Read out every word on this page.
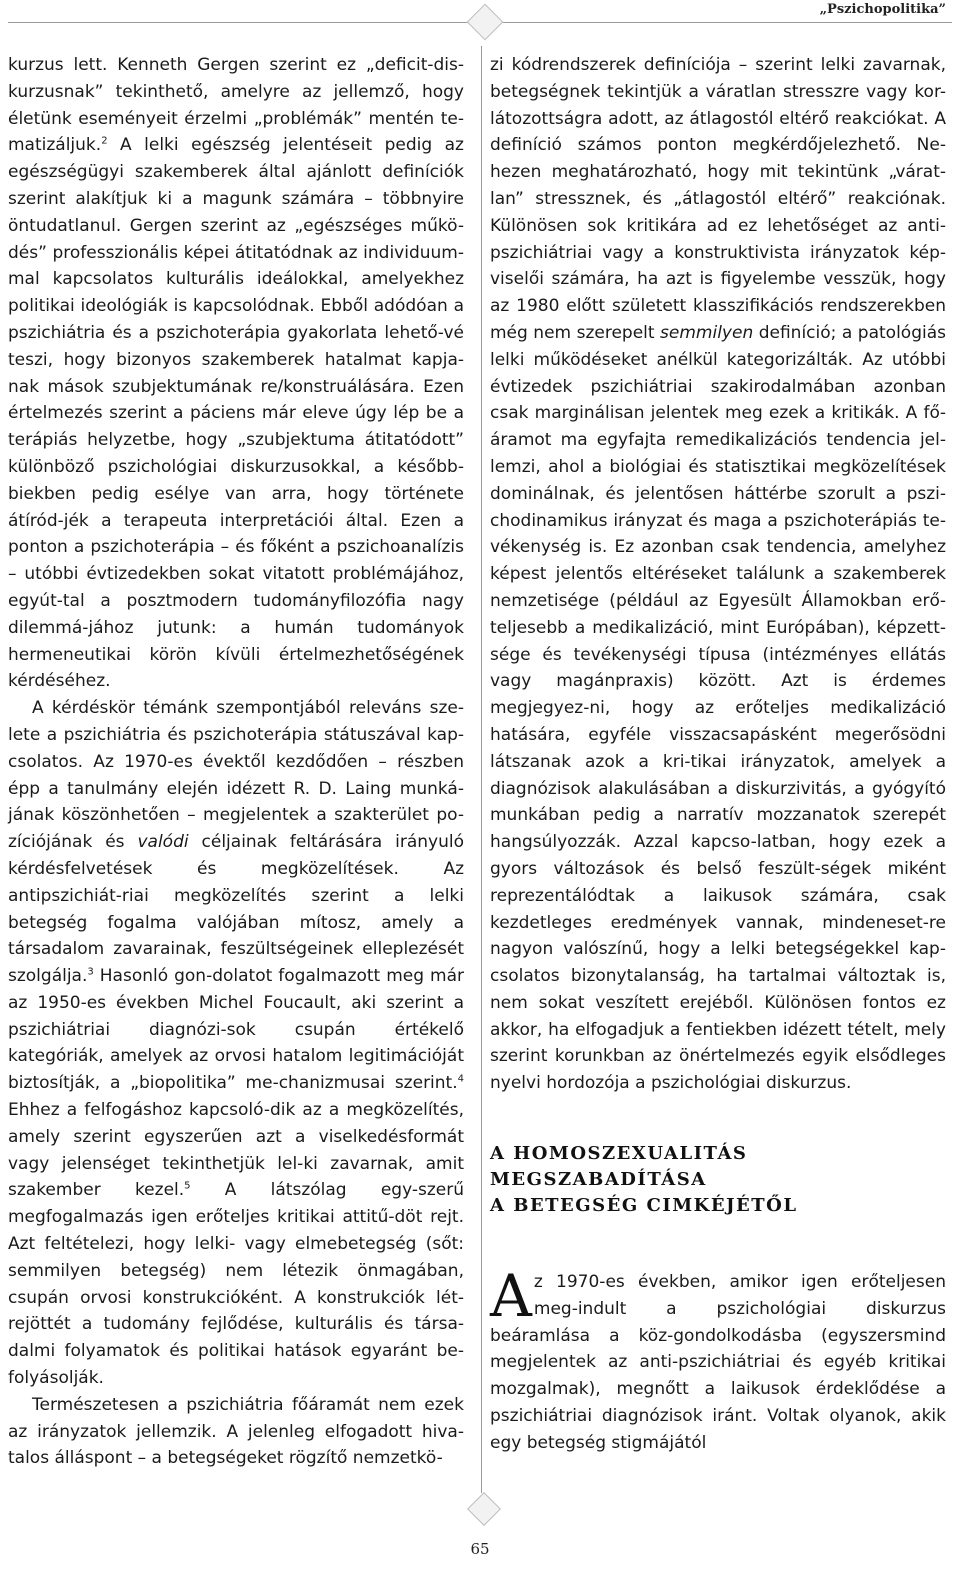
„Pszichopolitika”

kurzus lett. Kenneth Gergen szerint ez „deficit-dis-kurzusnak” tekinthető, amelyre az jellemző, hogy életünk eseményeit érzelmi „problémák” mentén te-matizáljuk.$^2$ A lelki egészség jelentéseit pedig az egészségügyi szakemberek által ajánlott definíciók szerint alakítjuk ki a magunk számára – többnyire öntudatlanul. Gergen szerint az „egészséges műkö-dés” professzionális képei átitatódnak az individuum-mal kapcsolatos kulturális ideálokkal, amelyekhez politikai ideológiák is kapcsolódnak. Ebből adódóan a pszichiátria és a pszichoterápia gyakorlata lehető-vé teszi, hogy bizonyos szakemberek hatalmat kapja-nak mások szubjektumának re/konstruálására. Ezen értelmezés szerint a páciens már eleve úgy lép be a terápiás helyzetbe, hogy „szubjektuma átitatódott” különböző pszichológiai diskurzusokkal, a később-biekben pedig esélye van arra, hogy története átíród-jék a terapeuta interpretációi által. Ezen a ponton a pszichoterápia – és főként a pszichoanalízis – utóbbi évtizedekben sokat vitatott problémájához, egyút-tal a posztmodern tudományfilozófia nagy dilemmá-jához jutunk: a humán tudományok hermeneutikai körön kívüli értelmezhetőségének kérdéséhez.

A kérdéskör témánk szempontjából releváns sze-lete a pszichiátria és pszichoterápia státuszával kap-csolatos. Az 1970-es évektől kezdődően – részben épp a tanulmány elején idézett R. D. Laing munká-jának köszönhetően – megjelentek a szakterület po-zíciójának és valódi céljainak feltárására irányuló kérdésfelvetések és megközelítések. Az antipszichiát-riai megközelítés szerint a lelki betegség fogalma valójában mítosz, amely a társadalom zavarainak, feszültségeinek elleplezését szolgálja.$^3$ Hasonló gon-dolatot fogalmazott meg már az 1950-es években Michel Foucault, aki szerint a pszichiátriai diagnózi-sok csupán értékelő kategóriák, amelyek az orvosi hatalom legitimációját biztosítják, a „biopolitika” me-chanizmusai szerint.$^4$ Ehhez a felfogáshoz kapcsoló-dik az a megközelítés, amely szerint egyszerűen azt a viselkedésformát vagy jelenséget tekinthetjük lel-ki zavarnak, amit szakember kezel.$^5$ A látszólag egy-szerű megfogalmazás igen erőteljes kritikai attitű-döt rejt. Azt feltételezi, hogy lelki- vagy elmebetegség (sőt: semmilyen betegség) nem létezik önmagában, csupán orvosi konstrukcióként. A konstrukciók lét-rejöttét a tudomány fejlődése, kulturális és társa-dalmi folyamatok és politikai hatások egyaránt be-folyásolják.

Természetesen a pszichiátria főáramát nem ezek az irányzatok jellemzik. A jelenleg elfogadott hiva-talos álláspont – a betegségeket rögzítő nemzetkö-

zi kódrendszerek definíciója – szerint lelki zavarnak, betegségnek tekintjük a váratlan stresszre vagy kor-látozottságra adott, az átlagostól eltérő reakciókat. A definíció számos ponton megkérdőjelezhető. Ne-hezen meghatározható, hogy mit tekintünk „várat-lan” stressznek, és „átlagostól eltérő” reakciónak. Különösen sok kritikára ad ez lehetőséget az anti-pszichiátriai vagy a konstruktivista irányzatok kép-viselői számára, ha azt is figyelembe vesszük, hogy az 1980 előtt született klasszifikációs rendszerekben még nem szerepelt semmilyen definíció; a patológiás lelki működéseket anélkül kategorizálták. Az utóbbi évtizedek pszichiátriai szakirodalmában azonban csak marginálisan jelentek meg ezek a kritikák. A fő-áramot ma egyfajta remedikalizációs tendencia jel-lemzi, ahol a biológiai és statisztikai megközelítések dominálnak, és jelentősen háttérbe szorult a pszi-chodinamikus irányzat és maga a pszichoterápiás te-vékenység is. Ez azonban csak tendencia, amelyhez képest jelentős eltéréseket találunk a szakemberek nemzetisége (például az Egyesült Államokban erő-teljesebb a medikalizáció, mint Európában), képzett-sége és tevékenységi típusa (intézményes ellátás vagy magánpraxis) között. Azt is érdemes megjegyez-ni, hogy az erőteljes medikalizáció hatására, egyféle visszacsapásként megerősödni látszanak azok a kri-tikai irányzatok, amelyek a diagnózisok alakulásában a diskurzivitás, a gyógyító munkában pedig a narratív mozzanatok szerepét hangsúlyozzák. Azzal kapcso-latban, hogy ezek a gyors változások és belső feszült-ségek miként reprezentálódtak a laikusok számára, csak kezdetleges eredmények vannak, mindeneset-re nagyon valószínű, hogy a lelki betegségekkel kap-csolatos bizonytalanság, ha tartalmai változtak is, nem sokat veszített erejéből. Különösen fontos ez akkor, ha elfogadjuk a fentiekben idézett tételt, mely szerint korunkban az önértelmezés egyik elsődleges nyelvi hordozója a pszichológiai diskurzus.

A HOMOSZEXUALITÁS
MEGSZABADÍTÁSA
A BETEGSÉG CIMKÉJÉTŐL

Az 1970-es években, amikor igen erőteljesen meg-indult a pszichológiai diskurzus beáramlása a köz-gondolkodásba (egyszersmind megjelentek az anti-pszichiátriai és egyéb kritikai mozgalmak), megnőtt a laikusok érdeklődése a pszichiátriai diagnózisok iránt. Voltak olyanok, akik egy betegség stigmájától

65
